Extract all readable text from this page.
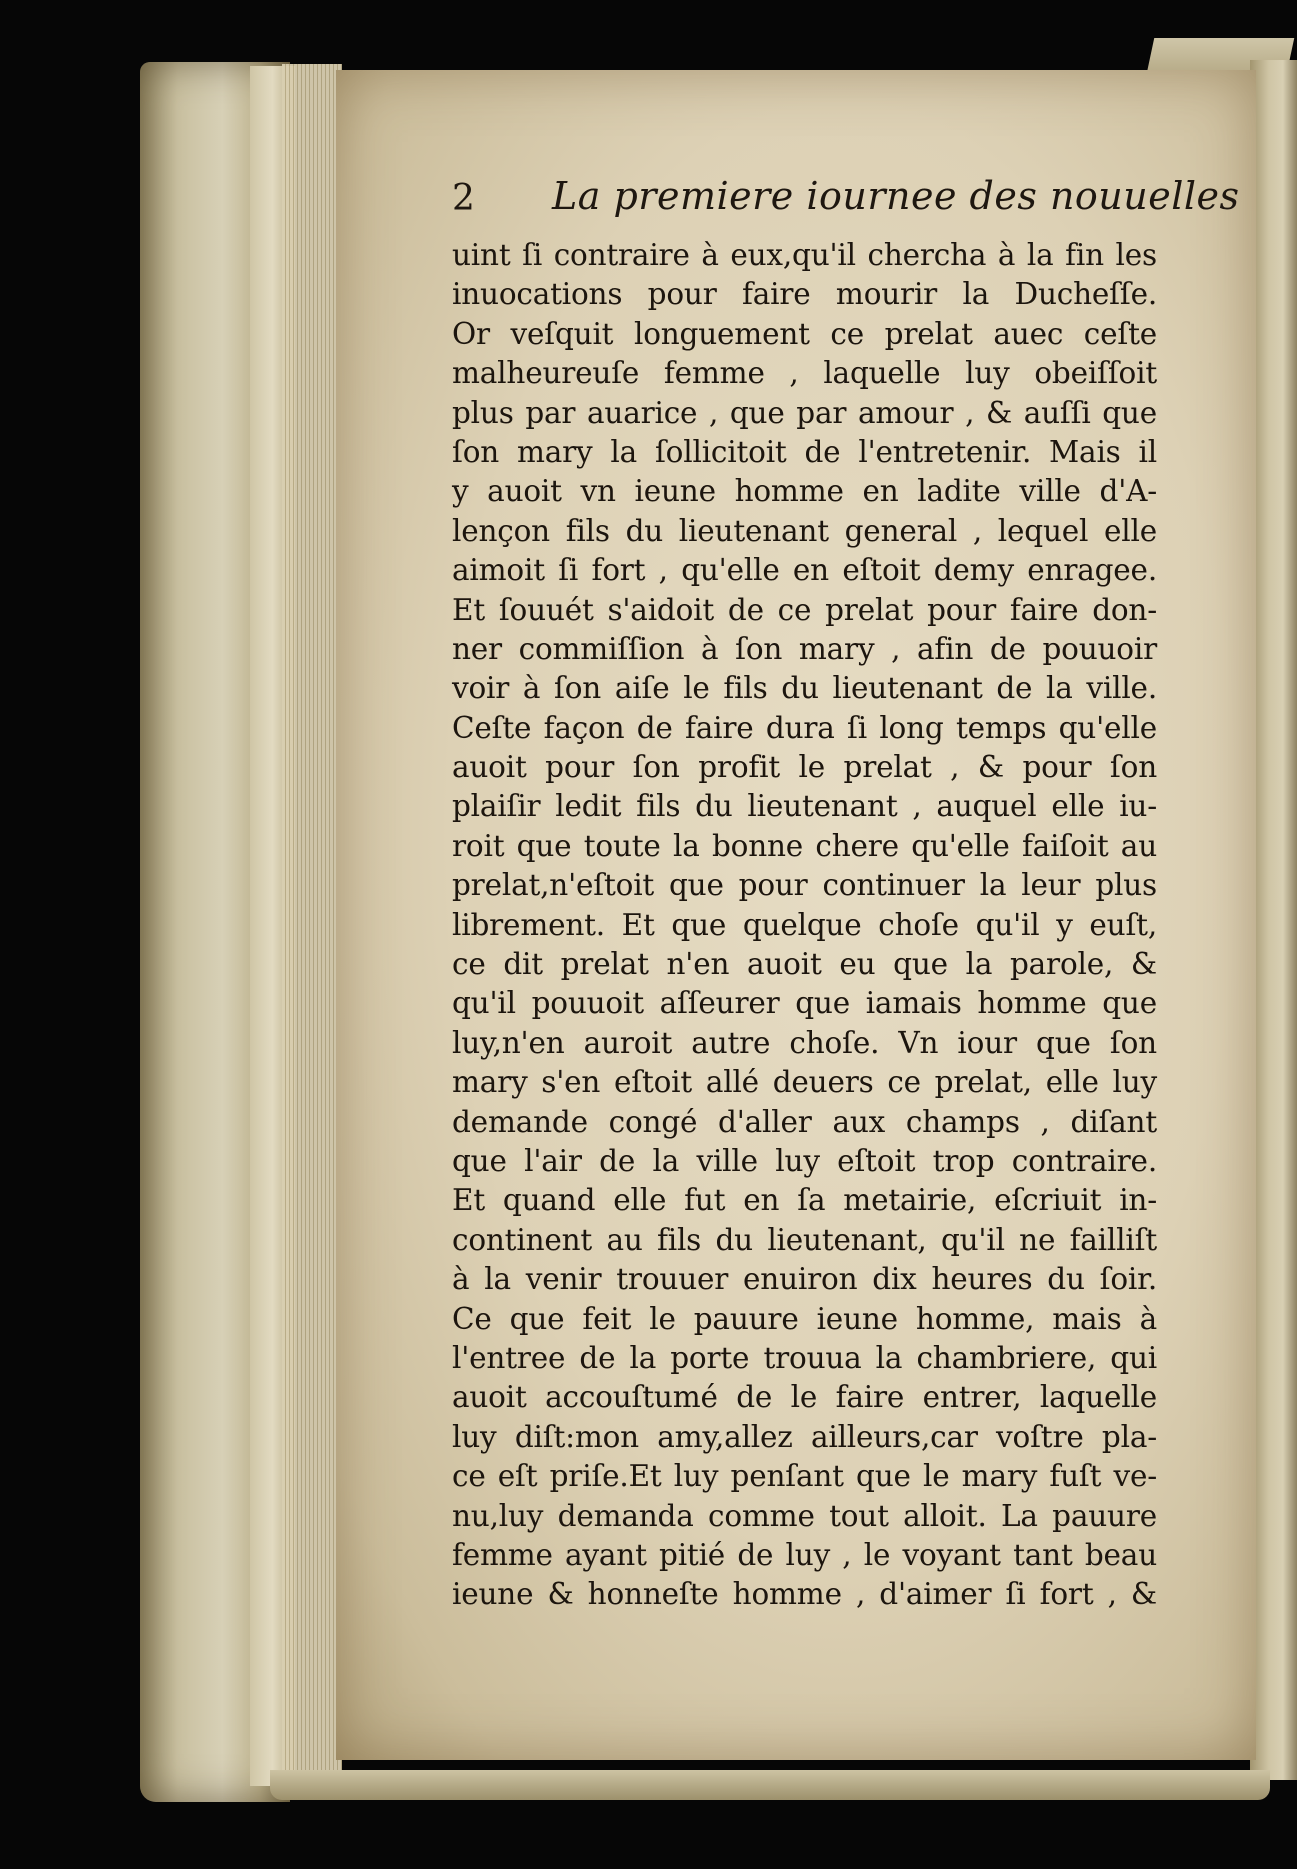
2 La premiere iournee des nouuelles
uint ſi contraire à eux,qu'il chercha à la fin les
inuocations pour faire mourir la Ducheſſe.
Or veſquit longuement ce prelat auec ceſte
malheureuſe femme , laquelle luy obeiſſoit
plus par auarice , que par amour , & auſſi que
ſon mary la ſollicitoit de l'entretenir. Mais il
y auoit vn ieune homme en ladite ville d'A-
lençon fils du lieutenant general , lequel elle
aimoit ſi fort , qu'elle en eſtoit demy enragee.
Et ſouuét s'aidoit de ce prelat pour faire don-
ner commiſſion à ſon mary , afin de pouuoir
voir à ſon aiſe le fils du lieutenant de la ville.
Ceſte façon de faire dura ſi long temps qu'elle
auoit pour ſon profit le prelat , & pour ſon
plaiſir ledit fils du lieutenant , auquel elle iu-
roit que toute la bonne chere qu'elle faiſoit au
prelat,n'eſtoit que pour continuer la leur plus
librement. Et que quelque choſe qu'il y euſt,
ce dit prelat n'en auoit eu que la parole, &
qu'il pouuoit aſſeurer que iamais homme que
luy,n'en auroit autre choſe. Vn iour que ſon
mary s'en eſtoit allé deuers ce prelat, elle luy
demande congé d'aller aux champs , diſant
que l'air de la ville luy eſtoit trop contraire.
Et quand elle fut en ſa metairie, eſcriuit in-
continent au fils du lieutenant, qu'il ne failliſt
à la venir trouuer enuiron dix heures du ſoir.
Ce que feit le pauure ieune homme, mais à
l'entree de la porte trouua la chambriere, qui
auoit accouſtumé de le faire entrer, laquelle
luy diſt:mon amy,allez ailleurs,car voſtre pla-
ce eſt priſe.Et luy penſant que le mary fuſt ve-
nu,luy demanda comme tout alloit. La pauure
femme ayant pitié de luy , le voyant tant beau
ieune & honneſte homme , d'aimer ſi fort , &
